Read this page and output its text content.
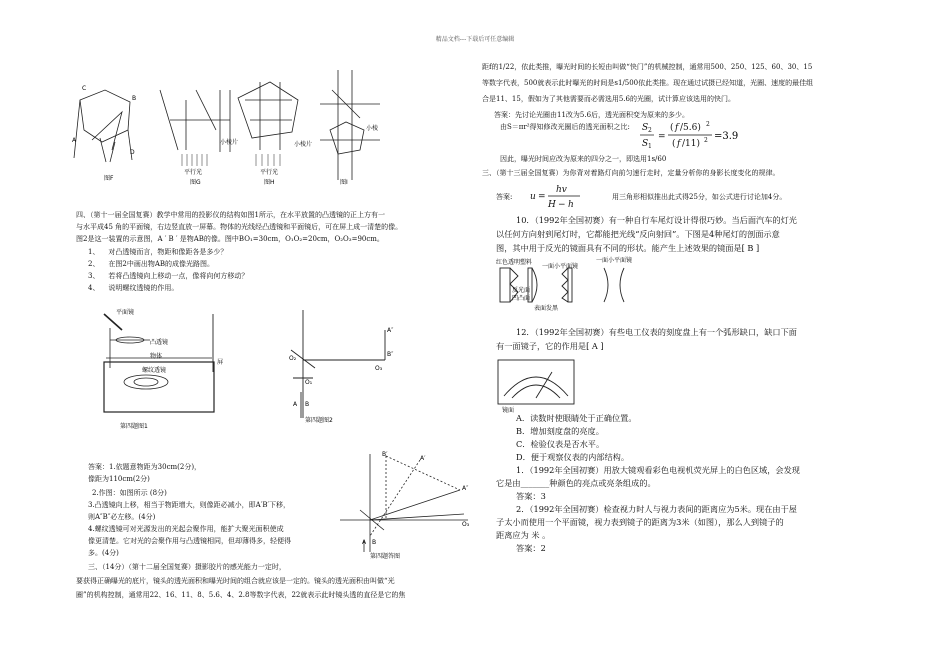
精品文档---下载后可任意编辑
图F
C
B
A
D
小棱片
平行光
图G
小棱片
平行光
图H
小棱
图I
四、（第十一届全国复赛）教学中常用的投影仪的结构如图1所示，在水平放置的凸透镜的正上方有一
与水平成45 角的平面镜，右边竖直放一屏幕。物体的光线经凸透镜和平面镜后，可在屏上成一清楚的像。
图2是这一装置的示意图，A ′ B ′ 是物AB的像。图中BO₁=30cm，O₁O₂=20cm，O₂O₃=90cm。
1、 对凸透镜而言，物距和像距各是多少？
2、 在图2中画出物AB的成像光路图。
3、 若将凸透镜向上移动一点，像将向何方移动？
4、 说明螺纹透镜的作用。
平面镜
凸透镜
物体
螺纹透镜
第四题图1
屏
A″
B″
O₂
O₁
O₃
A B
第四题图2
答案：1.依题意物距为30cm(2分)，
像距为110cm(2分)
2.作图：如图所示 (8分)
3.凸透镜向上移，相当于物距增大，则像距必减小，即A′B′下移，
则A″B″必左移。(4分)
4.螺纹透镜可对光源发出的光起会聚作用，能扩大聚光面积使成
像更清楚。它对光的会聚作用与凸透镜相同，但却薄得多，轻便得
多。(4分)
B′
A′
A″
O₃
A B
第四题答图
三、（14分）（第十二届全国复赛）摄影胶片的感光能力一定时，
要获得正确曝光的底片，镜头的透光面积和曝光时间的组合就应该是一定的。镜头的透光面积由叫做“光
圈”的机构控制，通常用22、16、11、8、5.6、4、2.8等数字代表，22就表示此时镜头透的直径是它的焦
距f的1/22，依此类推，曝光时间的长短由叫做“快门”的机械控制，通常用500、250、125、60、30、15
等数字代表，500就表示此时曝光的时间是s1/500依此类推。现在通过试摄已经知道，光圈、速度的最佳组
合是11、15，假如为了其他需要而必需选用5.6的光圈，试计算应该选用的快门。
答案：先讨论光圈由11改为5.6后，透光面积变为原来的多少。
由S＝πr²得知修改光圈后的透光面积之比: S 2
S 1
=
( f /5.6) 2
( f /11) 2 =3.9
因此，曝光时间应改为原来的四分之一，即选用1s/60
三、（第十三届全国复赛）为你背对着路灯向前匀速行走时，定量分析你的身影长度变化的规律。
答案: u =
hv
H − h
用三角形相似推出此式得25分，如公式进行讨论加4分。
10．（1992年全国初赛）有一种自行车尾灯设计得很巧妙。当后面汽车的灯光
以任何方向射到尾灯时，它都能把光线“反向射回”。下图是4种尾灯的剖面示意
图，其中用于反光的镜面具有不同的形状。能产生上述效果的镜面是[ B ]
红色透明塑料
一面小平面镜
一面小平面镜
反光面
凹凸面
表面发黑
12．（1992年全国初赛）有些电工仪表的刻度盘上有一个弧形缺口，缺口下面
有一面镜子，它的作用是[ A ]
镜面
A．读数时使眼睛处于正确位置。
B．增加刻度盘的亮度。
C．检验仪表是否水平。
D．便于观察仪表的内部结构。
1．（1992年全国初赛）用放大镜观看彩色电视机荧光屏上的白色区域，会发现
它是由_______种颜色的亮点或亮条组成的。
答案：3
2．（1992年全国初赛）检查视力时人与视力表间的距离应为5米。现在由于屋
子太小而使用一个平面镜，视力表到镜子的距离为3米（如图），那么人到镜子的
距离应为 米 。
答案：2
